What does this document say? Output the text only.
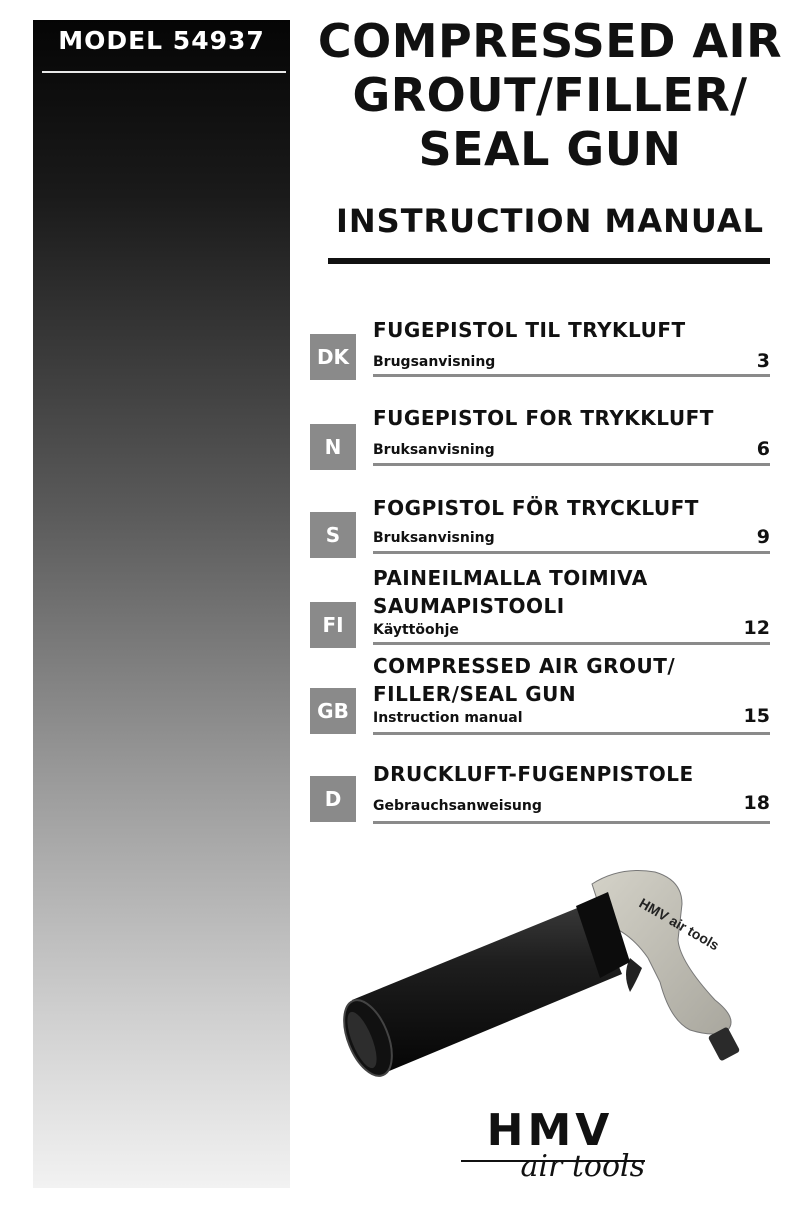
MODEL 54937	COMPRESSED AIR
GROUT/FILLER/
SEAL GUN
INSTRUCTION MANUAL
DK
FUGEPISTOL TIL TRYKLUFT
Brugsanvisning	3
N
FUGEPISTOL FOR TRYKKLUFT
Bruksanvisning	6
S
FOGPISTOL FÖR TRYCKLUFT
Bruksanvisning	9
FI
PAINEILMALLA TOIMIVA
SAUMAPISTOOLI
Käyttöohje	12
GB
COMPRESSED AIR GROUT/
FILLER/SEAL GUN
Instruction manual	15
D
DRUCKLUFT-FUGENPISTOLE
Gebrauchsanweisung	18
HMV air tools
HMV
air tools
